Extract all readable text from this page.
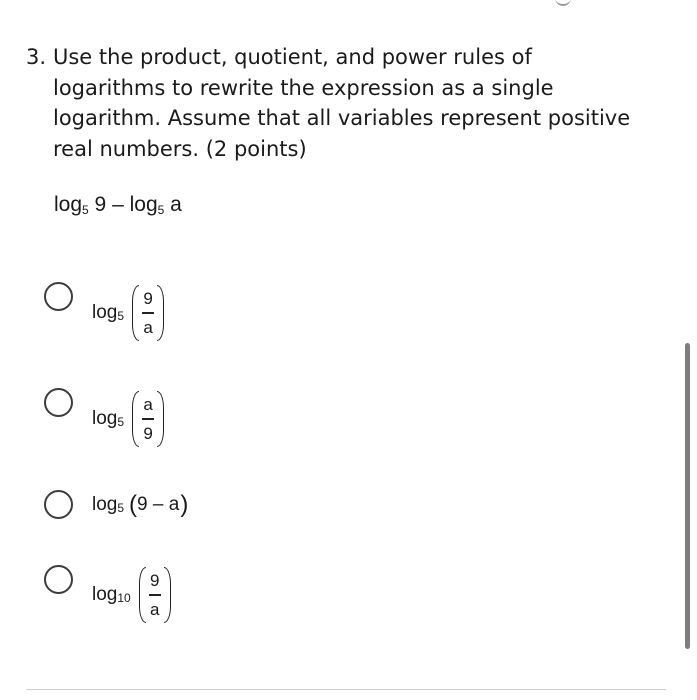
3. Use the product, quotient, and power rules of
logarithms to rewrite the expression as a single
logarithm. Assume that all variables represent positive
real numbers. (2 points)
$\log_5 9 - \log_5 a$
$\log_5 \frac{9}{a}$
$\log_5 \frac{a}{9}$
$\log_5$ ( 9 – a )
$\log_{10} \frac{9}{a}$
